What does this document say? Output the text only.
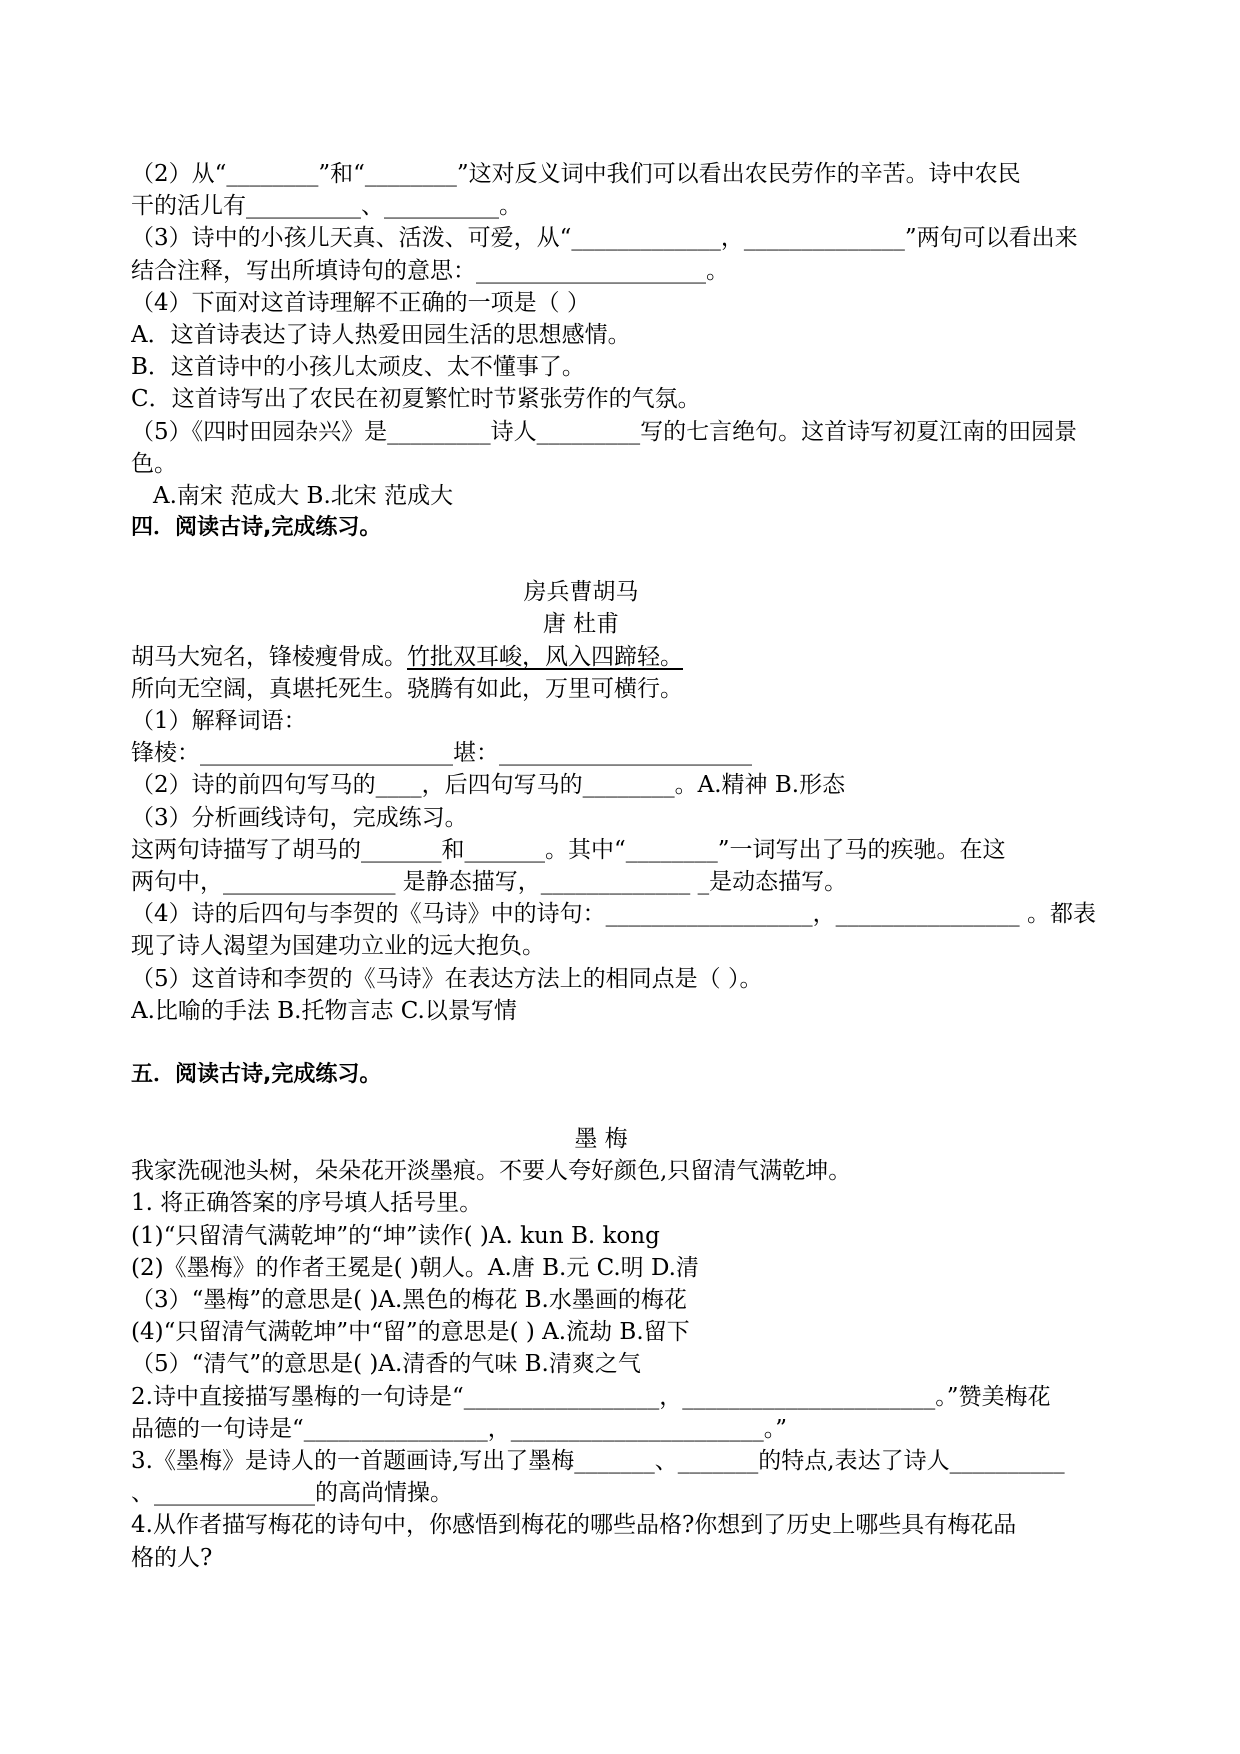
（2）从“________”和“________”这对反义词中我们可以看出农民劳作的辛苦。诗中农民
干的活儿有__________、__________。
（3）诗中的小孩儿天真、活泼、可爱，从“_____________，______________”两句可以看出来
结合注释，写出所填诗句的意思：____________________。
（4）下面对这首诗理解不正确的一项是（ ）
A．这首诗表达了诗人热爱田园生活的思想感情。
B．这首诗中的小孩儿太顽皮、太不懂事了。
C．这首诗写出了农民在初夏繁忙时节紧张劳作的气氛。
（5）《四时田园杂兴》是_________诗人_________写的七言绝句。这首诗写初夏江南的田园景
色。
A.南宋 范成大 B.北宋 范成大
四．阅读古诗,完成练习。
房兵曹胡马
唐 杜甫
胡马大宛名，锋棱瘦骨成。竹批双耳峻，风入四蹄轻。
所向无空阔，真堪托死生。骁腾有如此，万里可横行。
（1）解释词语：
锋棱：______________________堪：______________________
（2）诗的前四句写马的____，后四句写马的________。A.精神 B.形态
（3）分析画线诗句，完成练习。
这两句诗描写了胡马的_______和_______。其中“________”一词写出了马的疾驰。在这
两句中，_______________ 是静态描写，_____________ _是动态描写。
（4）诗的后四句与李贺的《马诗》中的诗句：__________________，________________ 。都表
现了诗人渴望为国建功立业的远大抱负。
（5）这首诗和李贺的《马诗》在表达方法上的相同点是（ ）。
A.比喻的手法 B.托物言志 C.以景写情
五．阅读古诗,完成练习。
墨 梅
我家洗砚池头树，朵朵花开淡墨痕。不要人夸好颜色,只留清气满乾坤。
1. 将正确答案的序号填人括号里。
(1)“只留清气满乾坤”的“坤”读作( )A. kun B. kong
(2)《墨梅》的作者王冕是( )朝人。A.唐 B.元 C.明 D.清
（3）“墨梅”的意思是( )A.黑色的梅花 B.水墨画的梅花
(4)“只留清气满乾坤”中“留”的意思是( ) A.流劫 B.留下
（5）“清气”的意思是( )A.清香的气味 B.清爽之气
2.诗中直接描写墨梅的一句诗是“_________________，______________________。”赞美梅花
品德的一句诗是“________________，______________________。”
3.《墨梅》是诗人的一首题画诗,写出了墨梅_______、_______的特点,表达了诗人__________
、______________的高尚情操。
4.从作者描写梅花的诗句中，你感悟到梅花的哪些品格?你想到了历史上哪些具有梅花品
格的人?
